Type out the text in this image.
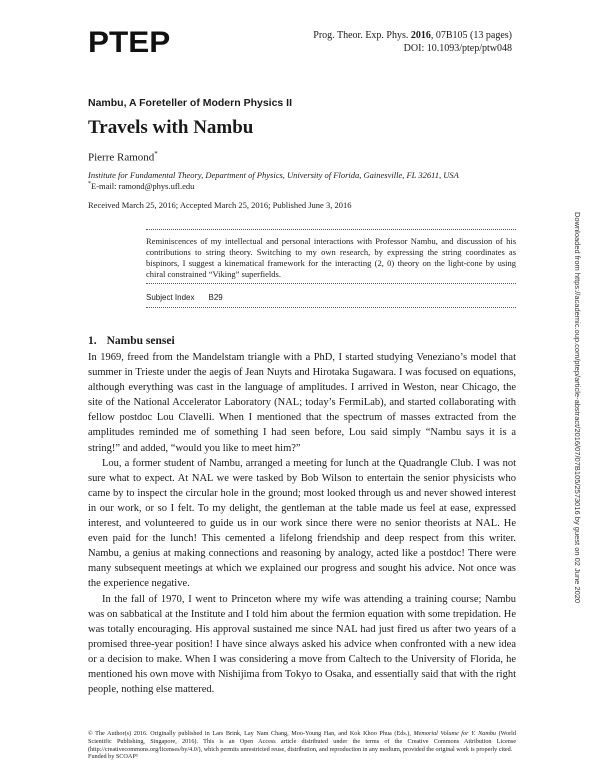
PTEP	Prog. Theor. Exp. Phys. 2016, 07B105 (13 pages)
DOI: 10.1093/ptep/ptw048
Nambu, A Foreteller of Modern Physics II
Travels with Nambu
Pierre Ramond*
Institute for Fundamental Theory, Department of Physics, University of Florida, Gainesville, FL 32611, USA
*E-mail: ramond@phys.ufl.edu
Received March 25, 2016; Accepted March 25, 2016; Published June 3, 2016
Reminiscences of my intellectual and personal interactions with Professor Nambu, and discussion of his contributions to string theory. Switching to my own research, by expressing the string coordinates as bispinors, I suggest a kinematical framework for the interacting (2, 0) theory on the light-cone by using chiral constrained “Viking” superfields.
Subject Index B29
1. Nambu sensei

In 1969, freed from the Mandelstam triangle with a PhD, I started studying Veneziano’s model that summer in Trieste under the aegis of Jean Nuyts and Hirotaka Sugawara. I was focused on equations, although everything was cast in the language of amplitudes. I arrived in Weston, near Chicago, the site of the National Accelerator Laboratory (NAL; today’s FermiLab), and started collaborating with fellow postdoc Lou Clavelli. When I mentioned that the spectrum of masses extracted from the amplitudes reminded me of something I had seen before, Lou said simply “Nambu says it is a string!” and added, “would you like to meet him?”

Lou, a former student of Nambu, arranged a meeting for lunch at the Quadrangle Club. I was not sure what to expect. At NAL we were tasked by Bob Wilson to entertain the senior physicists who came by to inspect the circular hole in the ground; most looked through us and never showed interest in our work, or so I felt. To my delight, the gentleman at the table made us feel at ease, expressed interest, and volunteered to guide us in our work since there were no senior theorists at NAL. He even paid for the lunch! This cemented a lifelong friendship and deep respect from this writer. Nambu, a genius at making connections and reasoning by analogy, acted like a postdoc! There were many subsequent meetings at which we explained our progress and sought his advice. Not once was the experience negative.

In the fall of 1970, I went to Princeton where my wife was attending a training course; Nambu was on sabbatical at the Institute and I told him about the fermion equation with some trepidation. He was totally encouraging. His approval sustained me since NAL had just fired us after two years of a promised three-year position! I have since always asked his advice when confronted with a new idea or a decision to make. When I was considering a move from Caltech to the University of Florida, he mentioned his own move with Nishijima from Tokyo to Osaka, and essentially said that with the right people, nothing else mattered.

© The Author(s) 2016. Originally published in Lars Brink, Lay Nam Chang, Moo-Young Han, and Kok Khoo Phua (Eds.), Memorial Volume for Y. Nambu (World Scientific Publishing, Singapore, 2016). This is an Open Access article distributed under the terms of the Creative Commons Attribution License (http://creativecommons.org/licenses/by/4.0/), which permits unrestricted reuse, distribution, and reproduction in any medium, provided the original work is properly cited.
Funded by SCOAP³
Downloaded from https://academic.oup.com/ptep/article-abstract/2016/07/07B105/2573016 by guest on 02 June 2020
